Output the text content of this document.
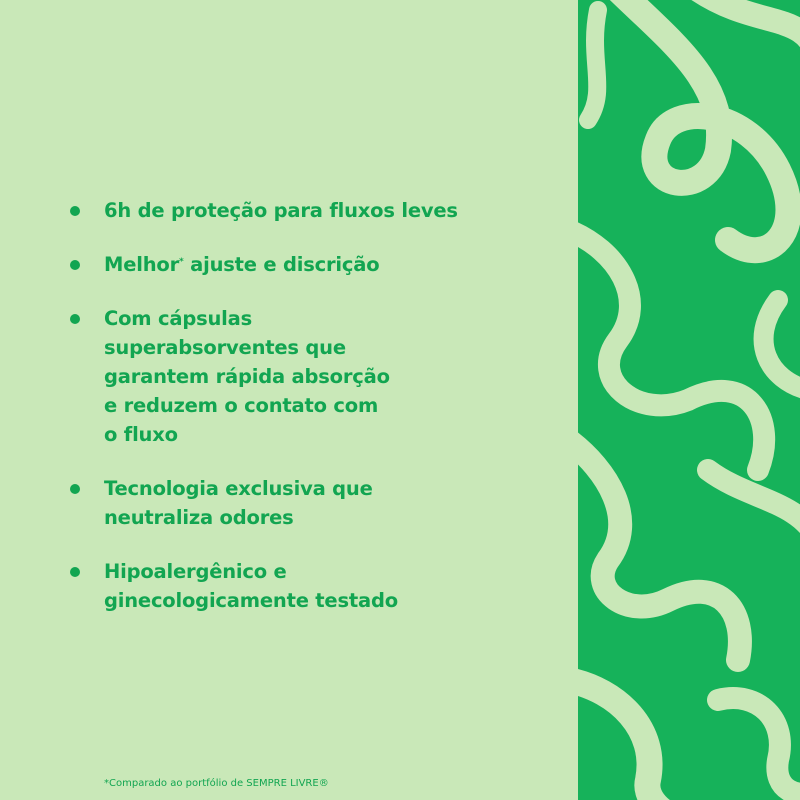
6h de proteção para fluxos leves
Melhor* ajuste e discrição
Com cápsulas
superabsorventes que
garantem rápida absorção
e reduzem o contato com
o fluxo
Tecnologia exclusiva que
neutraliza odores
Hipoalergênico e
ginecologicamente testado
*Comparado ao portfólio de SEMPRE LIVRE®
